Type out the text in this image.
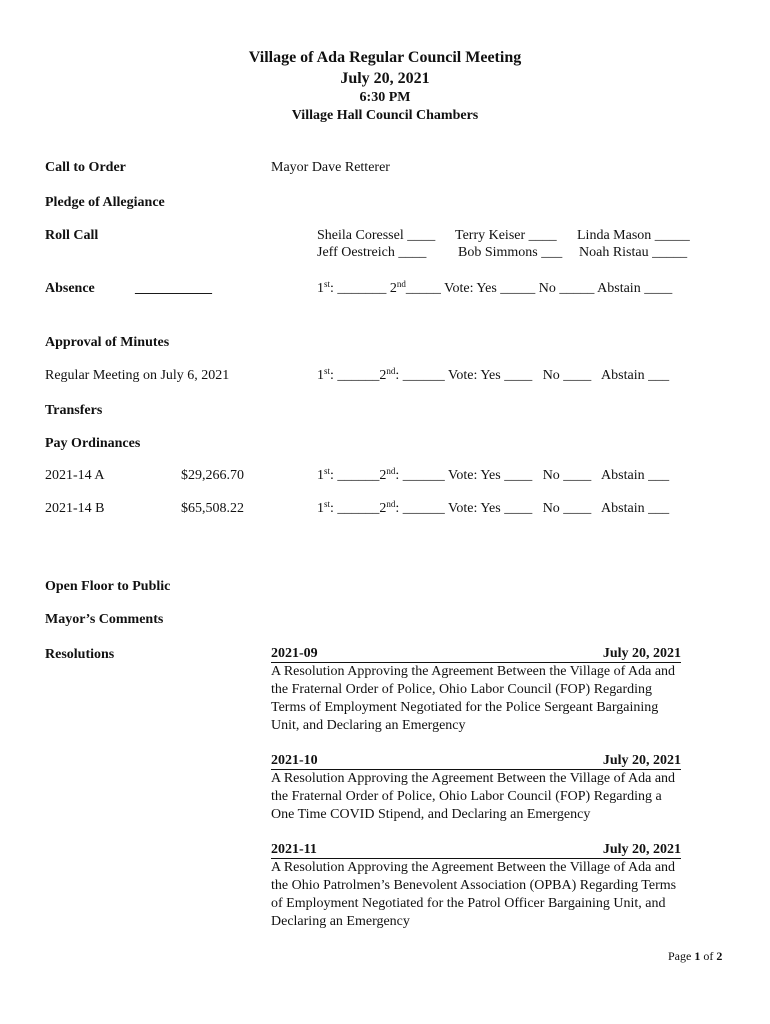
Village of Ada Regular Council Meeting
July 20, 2021
6:30 PM
Village Hall Council Chambers
Call to Order	Mayor Dave Retterer
Pledge of Allegiance
Roll Call	Sheila Coressel ____ Terry Keiser ____ Linda Mason _____
Jeff Oestreich ____ Bob Simmons ___ Noah Ristau _____
Absence	___________	1st: _______ 2nd_____ Vote: Yes _____ No _____ Abstain ____
Approval of Minutes
Regular Meeting on July 6, 2021	1st: ______2nd: ______ Vote: Yes ____   No ____   Abstain ___
Transfers
Pay Ordinances
2021-14 A	$29,266.70	1st: ______2nd: ______ Vote: Yes ____   No ____   Abstain ___
2021-14 B	$65,508.22	1st: ______2nd: ______ Vote: Yes ____   No ____   Abstain ___
Open Floor to Public
Mayor’s Comments
Resolutions	2021-09	July 20, 2021
A Resolution Approving the Agreement Between the Village of Ada and the Fraternal Order of Police, Ohio Labor Council (FOP) Regarding Terms of Employment Negotiated for the Police Sergeant Bargaining Unit, and Declaring an Emergency
2021-10	July 20, 2021
A Resolution Approving the Agreement Between the Village of Ada and the Fraternal Order of Police, Ohio Labor Council (FOP) Regarding a One Time COVID Stipend, and Declaring an Emergency
2021-11	July 20, 2021
A Resolution Approving the Agreement Between the Village of Ada and the Ohio Patrolmen’s Benevolent Association (OPBA) Regarding Terms of Employment Negotiated for the Patrol Officer Bargaining Unit, and Declaring an Emergency
Page 1 of 2
